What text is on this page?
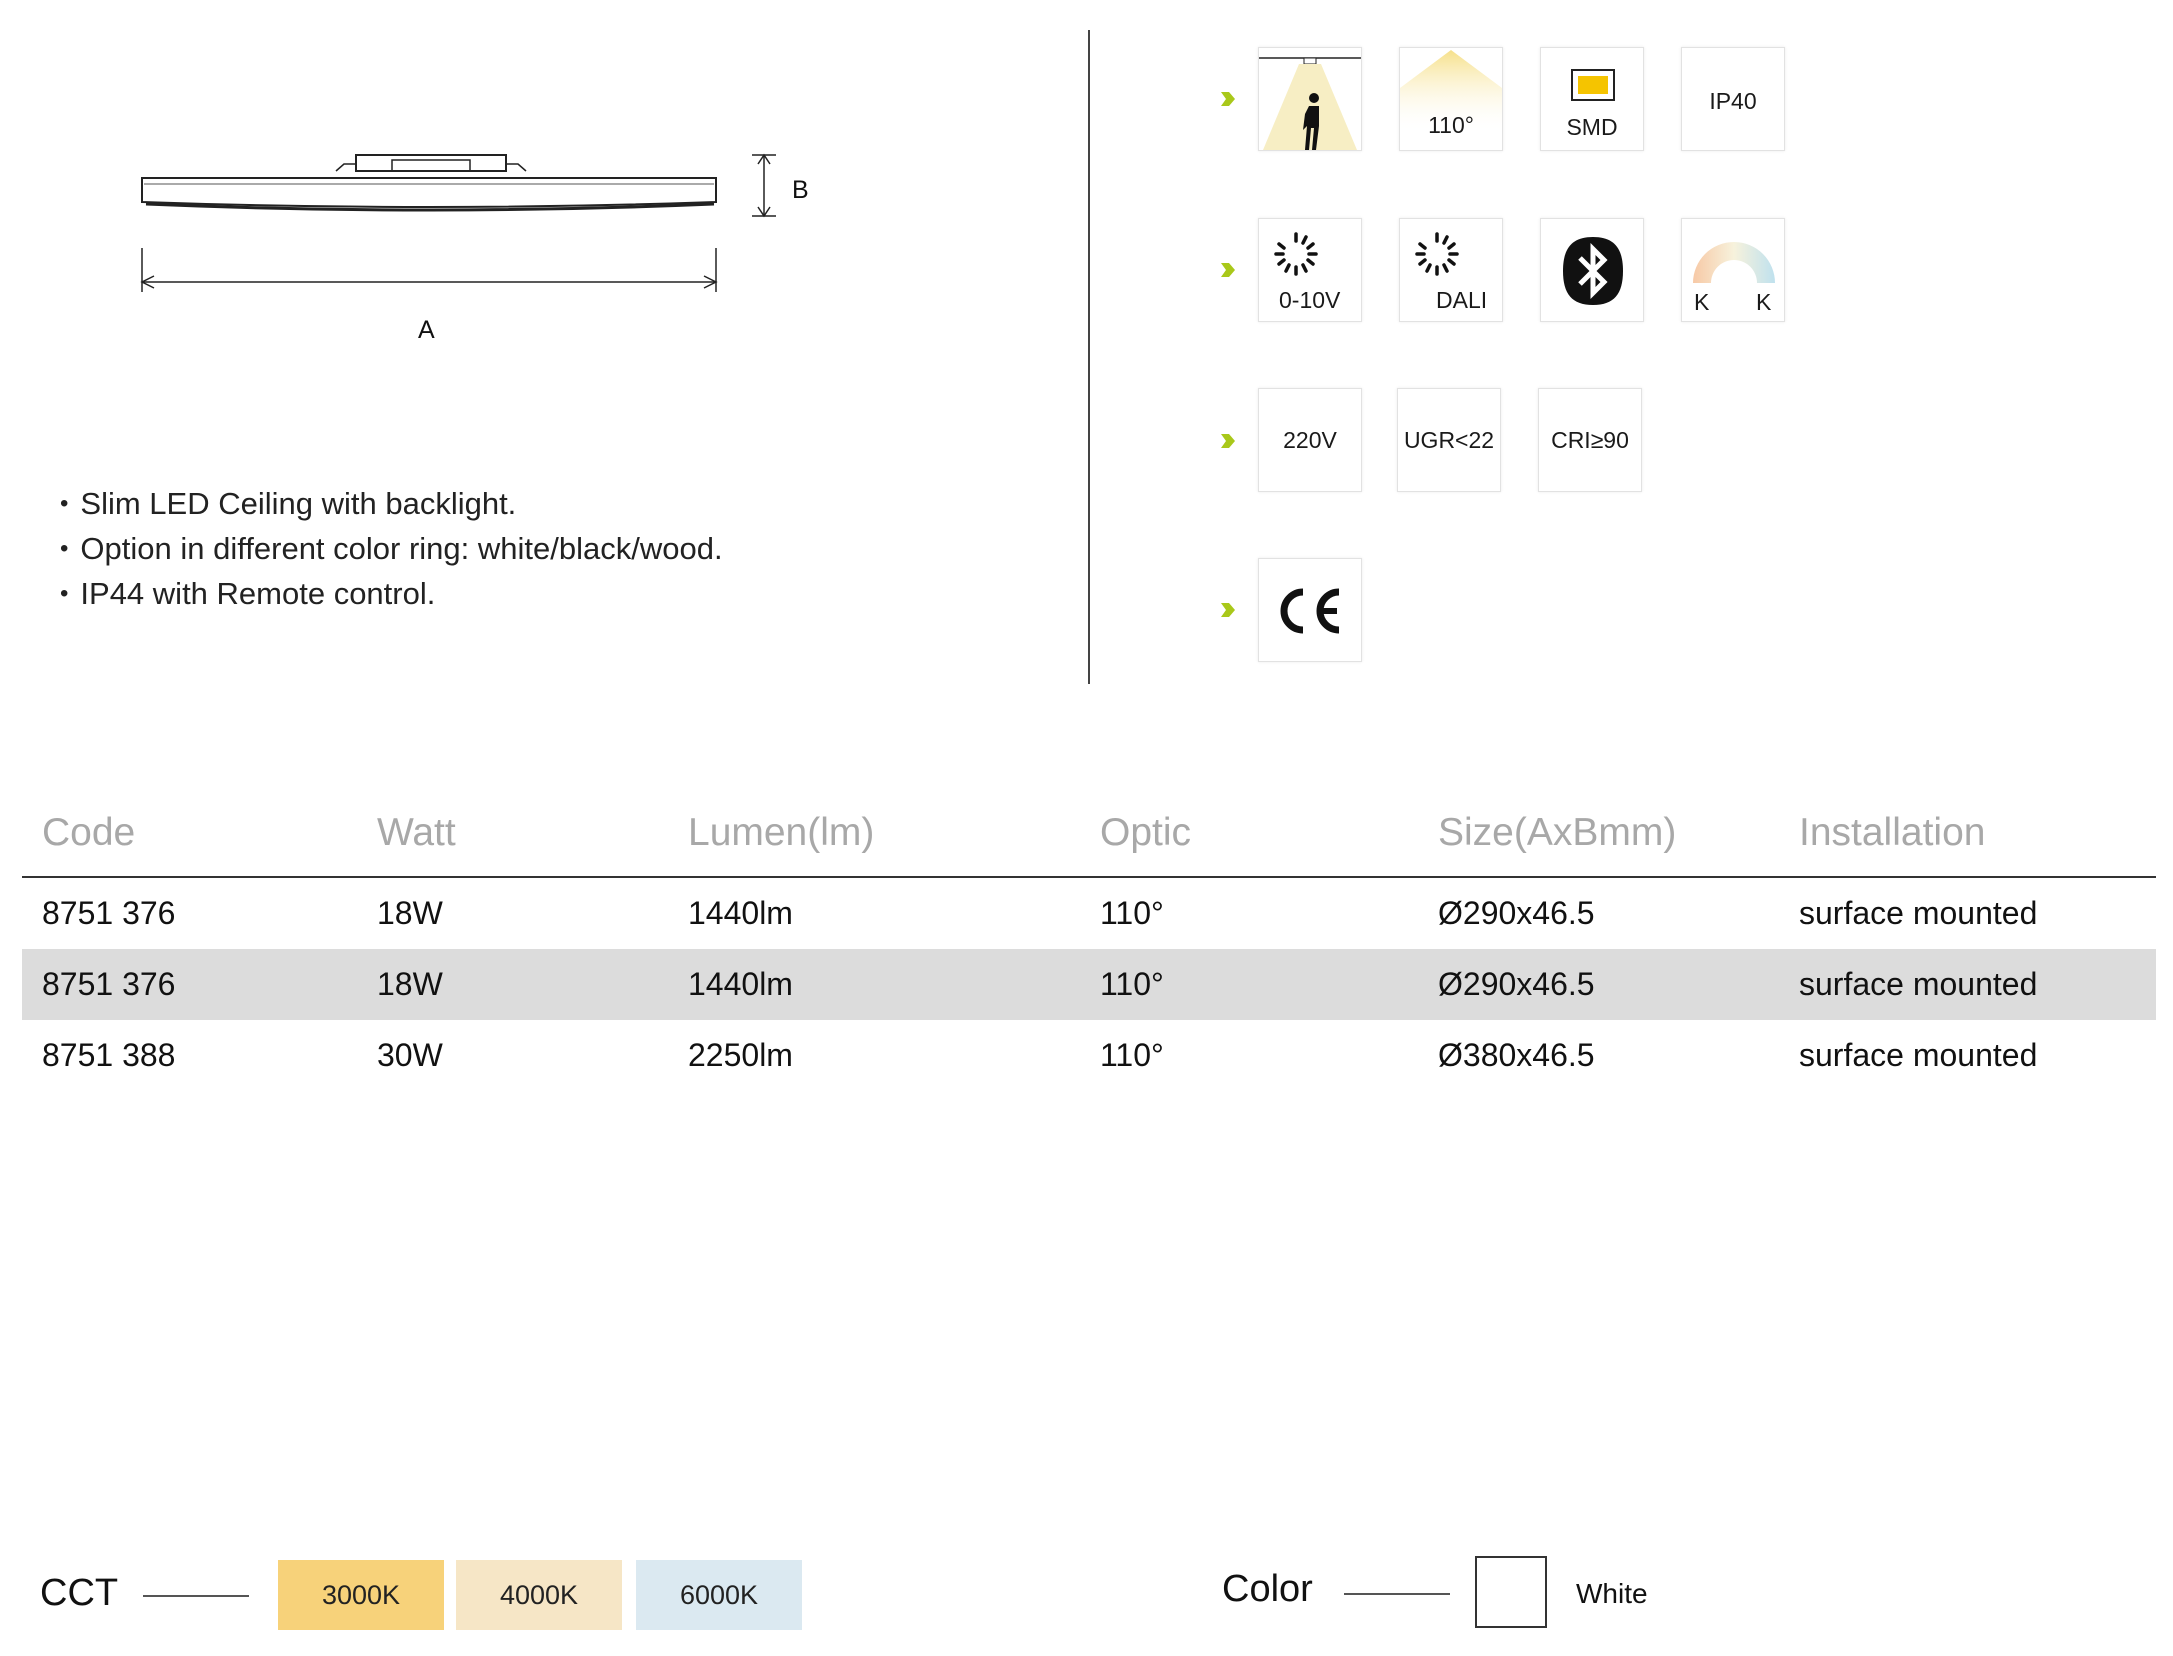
B
A
• Slim LED Ceiling with backlight.
• Option in different color ring: white/black/wood.
• IP44 with Remote control.
110°	SMD
IP40
0-10V	DALI	K K
220V	UGR<22	CRI≥90
Code	Watt	Lumen(lm)	Optic	Size(AxBmm)	Installation
8751 376	18W	1440lm	110°	Ø290x46.5	surface mounted
8751 376	18W	1440lm	110°	Ø290x46.5	surface mounted
8751 388	30W	2250lm	110°	Ø380x46.5	surface mounted
CCT	3000K	4000K	6000K	Color	White
